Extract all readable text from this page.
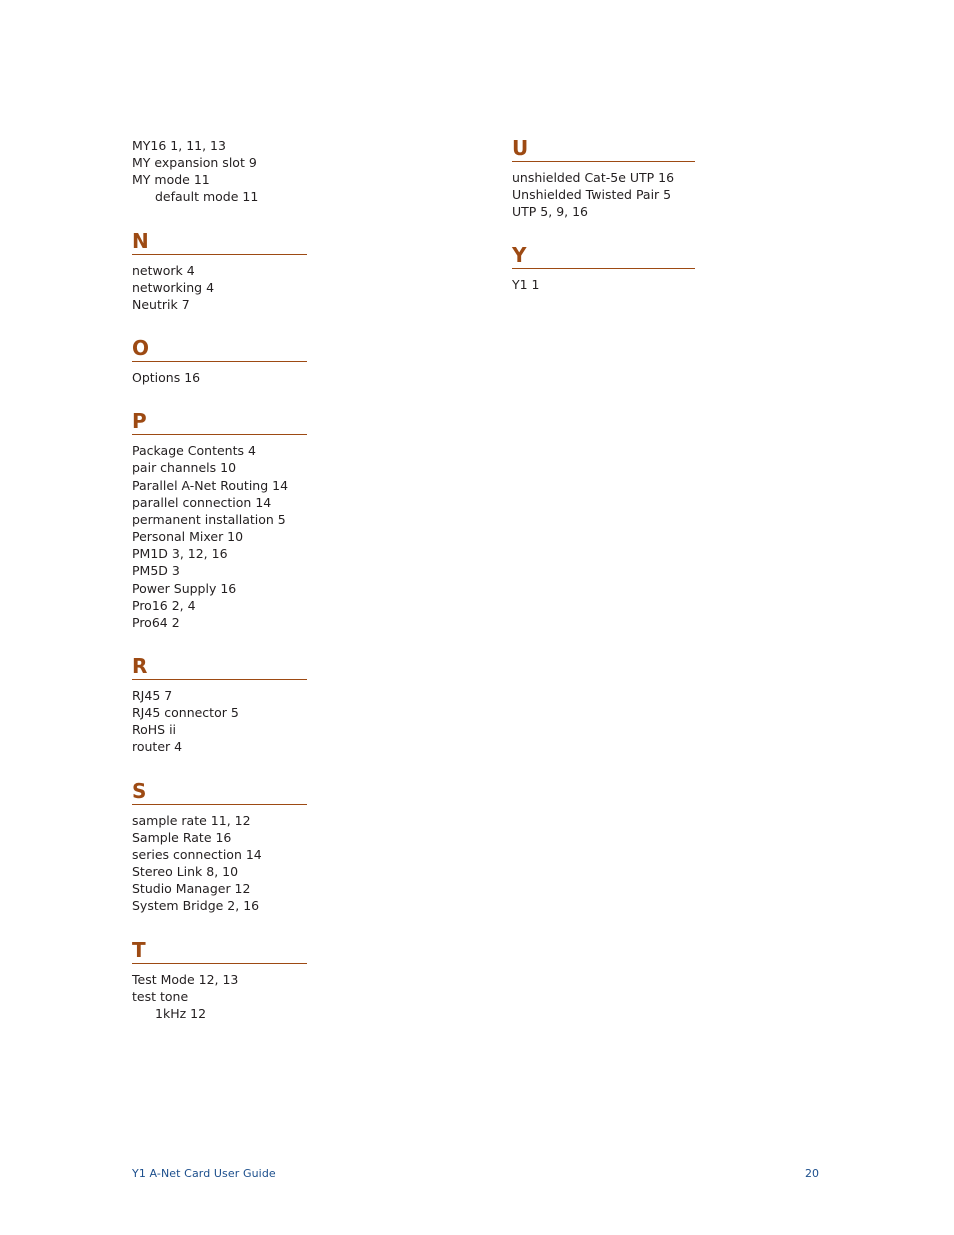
MY16 1, 11, 13
MY expansion slot 9
MY mode 11
default mode 11
N
network 4
networking 4
Neutrik 7
O
Options 16
P
Package Contents 4
pair channels 10
Parallel A-Net Routing 14
parallel connection 14
permanent installation 5
Personal Mixer 10
PM1D 3, 12, 16
PM5D 3
Power Supply 16
Pro16 2, 4
Pro64 2
R
RJ45 7
RJ45 connector 5
RoHS ii
router 4
S
sample rate 11, 12
Sample Rate 16
series connection 14
Stereo Link 8, 10
Studio Manager 12
System Bridge 2, 16
T
Test Mode 12, 13
test tone
1kHz 12
U
unshielded Cat-5e UTP 16
Unshielded Twisted Pair 5
UTP 5, 9, 16
Y
Y1 1
Y1 A-Net Card User Guide	20
